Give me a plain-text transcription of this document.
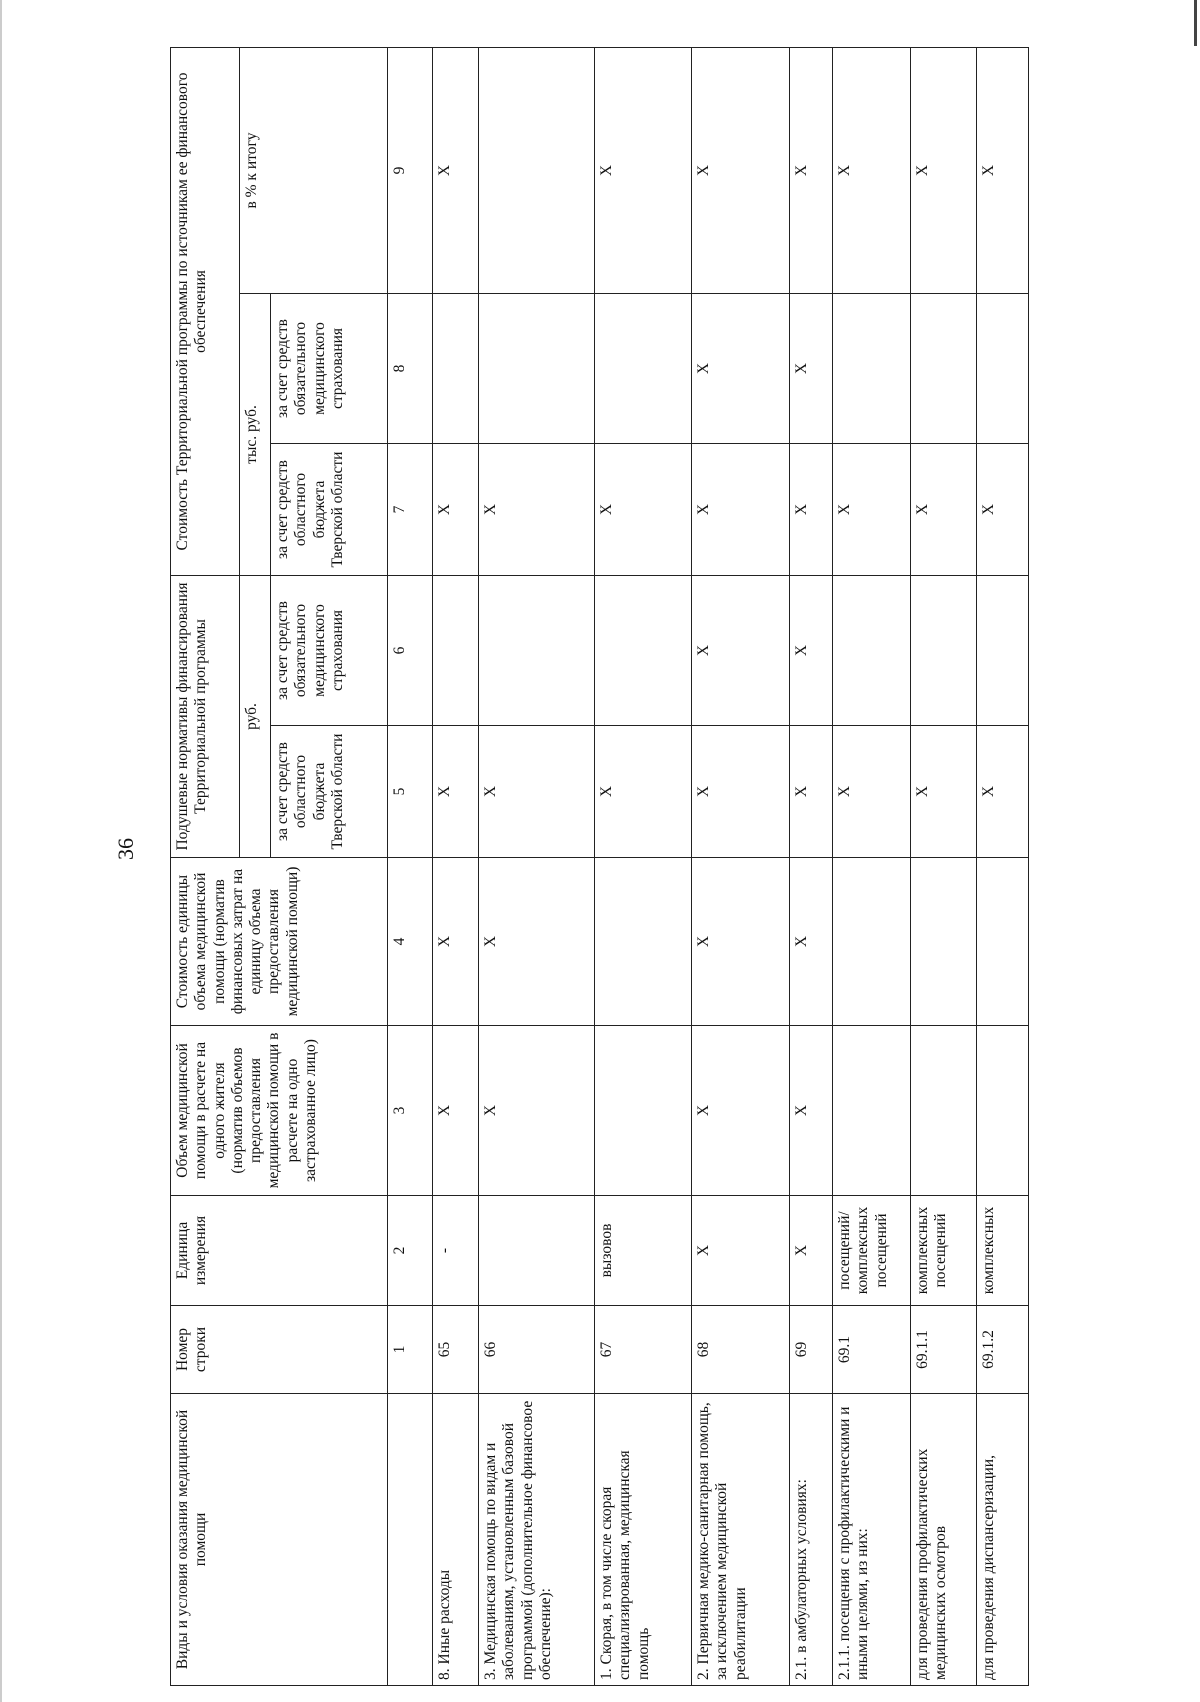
36
Виды и условия оказания медицинской помощи	Номер строки	Единица измерения	Объем медицинской помощи в расчете на одного жителя (норматив объемов предоставления медицинской помощи в расчете на одно застрахованное лицо)	Стоимость единицы объема медицинской помощи (норматив финансовых затрат на единицу объема предоставления медицинской помощи)	Подушевые нормативы финансирования Территориальной программы		Стоимость Территориальной программы по источникам ее финансового обеспечения		
					руб.		тыс. руб.		в % к итогу
					за счет средств областного бюджета Тверской области	за счет средств обязательного медицинского страхования	за счет средств областного бюджета Тверской области	за счет средств обязательного медицинского страхования	
	1	2	3	4	5	6	7	8	9
8. Иные расходы	65	-	X	X	X		X		X
3. Медицинская помощь по видам и заболеваниям, установленным базовой программой (дополнительное финансовое обеспечение):	66		X	X	X		X		
1. Скорая, в том числе скорая специализированная, медицинская помощь	67	вызовов			X		X		X
2. Первичная медико-санитарная помощь, за исключением медицинской реабилитации	68	X	X	X	X	X	X	X	X
2.1. в амбулаторных условиях:	69	X	X	X	X	X	X	X	X
2.1.1. посещения с профилактическими и иными целями, из них:	69.1	посещений/ комплексных посещений			X		X		X
для проведения профилактических медицинских осмотров	69.1.1	комплексных посещений			X		X		X
для проведения диспансеризации,	69.1.2	комплексных			X		X		X
